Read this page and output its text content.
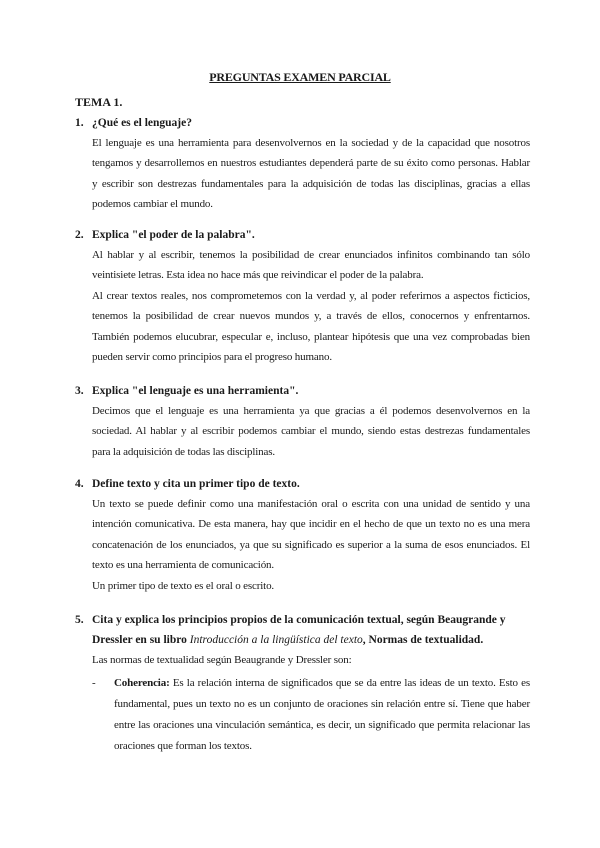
PREGUNTAS EXAMEN PARCIAL
TEMA 1.
1. ¿Qué es el lenguaje?

El lenguaje es una herramienta para desenvolvernos en la sociedad y de la capacidad que nosotros tengamos y desarrollemos en nuestros estudiantes dependerá parte de su éxito como personas. Hablar y escribir son destrezas fundamentales para la adquisición de todas las disciplinas, gracias a ellas podemos cambiar el mundo.

2. Explica "el poder de la palabra".

Al hablar y al escribir, tenemos la posibilidad de crear enunciados infinitos combinando tan sólo veintisiete letras. Esta idea no hace más que reivindicar el poder de la palabra.

Al crear textos reales, nos comprometemos con la verdad y, al poder referirnos a aspectos ficticios, tenemos la posibilidad de crear nuevos mundos y, a través de ellos, conocernos y enfrentarnos. También podemos elucubrar, especular e, incluso, plantear hipótesis que una vez comprobadas bien pueden servir como principios para el progreso humano.

3. Explica "el lenguaje es una herramienta".

Decimos que el lenguaje es una herramienta ya que gracias a él podemos desenvolvernos en la sociedad. Al hablar y al escribir podemos cambiar el mundo, siendo estas destrezas fundamentales para la adquisición de todas las disciplinas.

4. Define texto y cita un primer tipo de texto.

Un texto se puede definir como una manifestación oral o escrita con una unidad de sentido y una intención comunicativa. De esta manera, hay que incidir en el hecho de que un texto no es una mera concatenación de los enunciados, ya que su significado es superior a la suma de esos enunciados. El texto es una herramienta de comunicación.

Un primer tipo de texto es el oral o escrito.

5. Cita y explica los principios propios de la comunicación textual, según Beaugrande y Dressler en su libro Introducción a la lingüística del texto, Normas de textualidad.

Las normas de textualidad según Beaugrande y Dressler son:

-	Coherencia: Es la relación interna de significados que se da entre las ideas de un texto. Esto es fundamental, pues un texto no es un conjunto de oraciones sin relación entre sí. Tiene que haber entre las oraciones una vinculación semántica, es decir, un significado que permita relacionar las oraciones que forman los textos.
